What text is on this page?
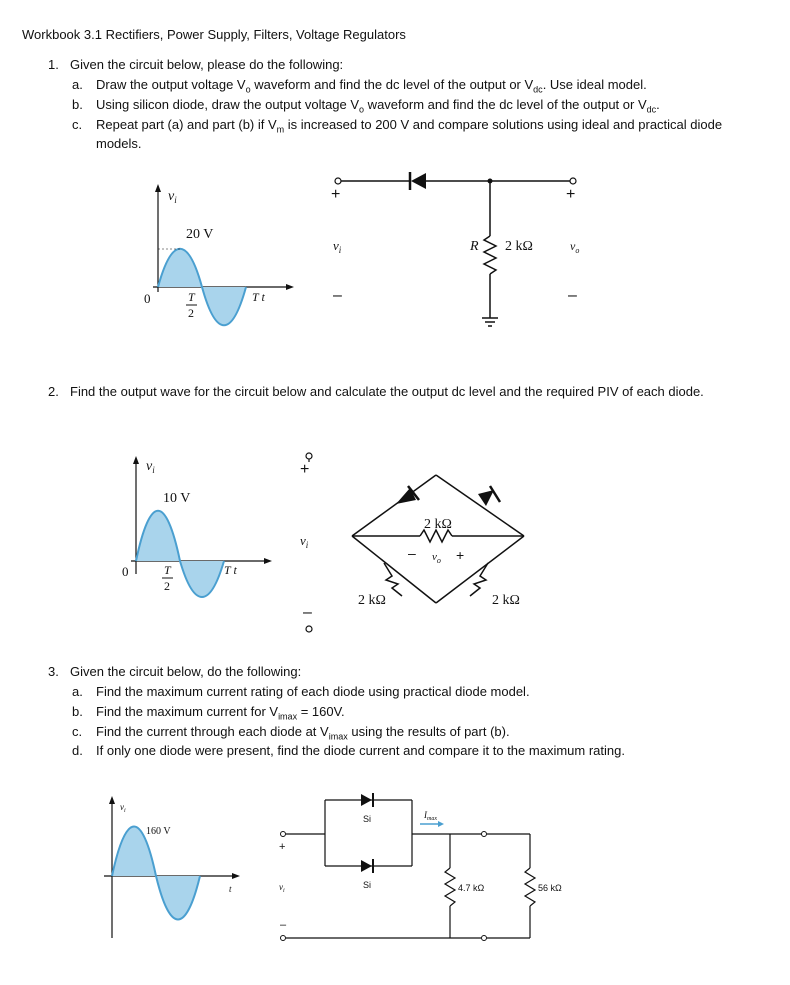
Workbook 3.1 Rectifiers, Power Supply, Filters, Voltage Regulators
1. Given the circuit below, please do the following:
a. Draw the output voltage $V_o$ waveform and find the dc level of the output or $V_{dc}$. Use ideal model.
b. Using silicon diode, draw the output voltage $V_o$ waveform and find the dc level of the output or $V_{dc}$.
c. Repeat part (a) and part (b) if $V_m$ is increased to 200 V and compare solutions using ideal and practical diode
models.
$v_i$
20 V
0	T
2
T t
+
–
+
–
$v_i$	R 2 kΩ	$v_o$
$v_i$
10 V
0	T
2
T t
+
–
$v_i$
2 kΩ
– $v_o$ +
2 kΩ	2 kΩ
$v_i$
160 V
t
+
–
$v_i$
Si
Si	4.7 kΩ	56 kΩ
$I_{max}$
2. Find the output wave for the circuit below and calculate the output dc level and the required PIV of each diode.
3. Given the circuit below, do the following:
a. Find the maximum current rating of each diode using practical diode model.
b. Find the maximum current for $V_{imax} = 160V$.
c. Find the current through each diode at $V_{imax}$ using the results of part (b).
d. If only one diode were present, find the diode current and compare it to the maximum rating.
